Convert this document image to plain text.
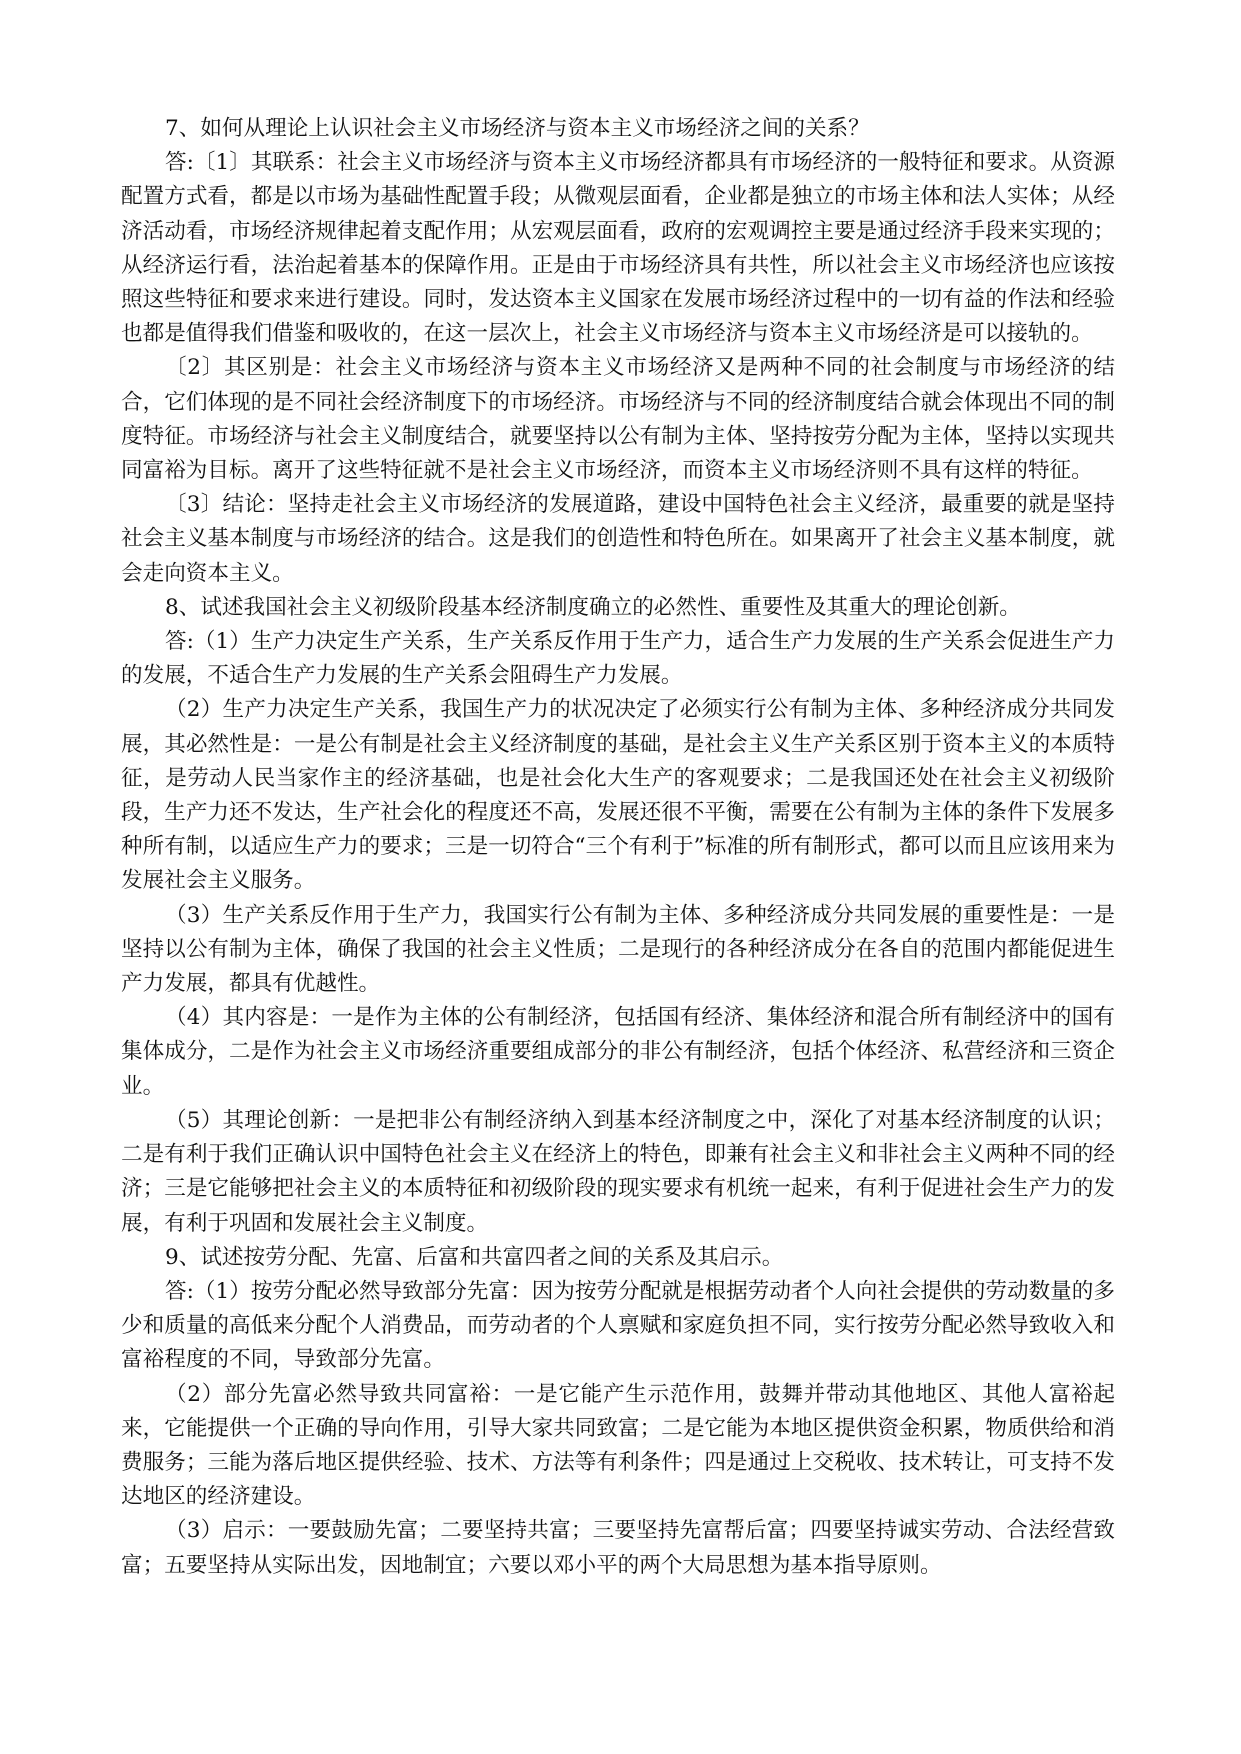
7、如何从理论上认识社会主义市场经济与资本主义市场经济之间的关系？

答:〔1〕其联系：社会主义市场经济与资本主义市场经济都具有市场经济的一般特征和要求。从资源配置方式看，都是以市场为基础性配置手段；从微观层面看，企业都是独立的市场主体和法人实体；从经济活动看，市场经济规律起着支配作用；从宏观层面看，政府的宏观调控主要是通过经济手段来实现的；从经济运行看，法治起着基本的保障作用。正是由于市场经济具有共性，所以社会主义市场经济也应该按照这些特征和要求来进行建设。同时，发达资本主义国家在发展市场经济过程中的一切有益的作法和经验也都是值得我们借鉴和吸收的，在这一层次上，社会主义市场经济与资本主义市场经济是可以接轨的。

〔2〕其区别是：社会主义市场经济与资本主义市场经济又是两种不同的社会制度与市场经济的结合，它们体现的是不同社会经济制度下的市场经济。市场经济与不同的经济制度结合就会体现出不同的制度特征。市场经济与社会主义制度结合，就要坚持以公有制为主体、坚持按劳分配为主体，坚持以实现共同富裕为目标。离开了这些特征就不是社会主义市场经济，而资本主义市场经济则不具有这样的特征。

〔3〕结论：坚持走社会主义市场经济的发展道路，建设中国特色社会主义经济，最重要的就是坚持社会主义基本制度与市场经济的结合。这是我们的创造性和特色所在。如果离开了社会主义基本制度，就会走向资本主义。

8、试述我国社会主义初级阶段基本经济制度确立的必然性、重要性及其重大的理论创新。

答:（1）生产力决定生产关系，生产关系反作用于生产力，适合生产力发展的生产关系会促进生产力的发展，不适合生产力发展的生产关系会阻碍生产力发展。

（2）生产力决定生产关系，我国生产力的状况决定了必须实行公有制为主体、多种经济成分共同发展，其必然性是：一是公有制是社会主义经济制度的基础，是社会主义生产关系区别于资本主义的本质特征，是劳动人民当家作主的经济基础，也是社会化大生产的客观要求；二是我国还处在社会主义初级阶段，生产力还不发达，生产社会化的程度还不高，发展还很不平衡，需要在公有制为主体的条件下发展多种所有制，以适应生产力的要求；三是一切符合“三个有利于”标准的所有制形式，都可以而且应该用来为发展社会主义服务。

（3）生产关系反作用于生产力，我国实行公有制为主体、多种经济成分共同发展的重要性是：一是坚持以公有制为主体，确保了我国的社会主义性质；二是现行的各种经济成分在各自的范围内都能促进生产力发展，都具有优越性。

（4）其内容是：一是作为主体的公有制经济，包括国有经济、集体经济和混合所有制经济中的国有集体成分，二是作为社会主义市场经济重要组成部分的非公有制经济，包括个体经济、私营经济和三资企业。

（5）其理论创新：一是把非公有制经济纳入到基本经济制度之中，深化了对基本经济制度的认识；二是有利于我们正确认识中国特色社会主义在经济上的特色，即兼有社会主义和非社会主义两种不同的经济；三是它能够把社会主义的本质特征和初级阶段的现实要求有机统一起来，有利于促进社会生产力的发展，有利于巩固和发展社会主义制度。

9、试述按劳分配、先富、后富和共富四者之间的关系及其启示。

答:（1）按劳分配必然导致部分先富：因为按劳分配就是根据劳动者个人向社会提供的劳动数量的多少和质量的高低来分配个人消费品，而劳动者的个人禀赋和家庭负担不同，实行按劳分配必然导致收入和富裕程度的不同，导致部分先富。

（2）部分先富必然导致共同富裕：一是它能产生示范作用，鼓舞并带动其他地区、其他人富裕起来，它能提供一个正确的导向作用，引导大家共同致富；二是它能为本地区提供资金积累，物质供给和消费服务；三能为落后地区提供经验、技术、方法等有利条件；四是通过上交税收、技术转让，可支持不发达地区的经济建设。

（3）启示：一要鼓励先富；二要坚持共富；三要坚持先富帮后富；四要坚持诚实劳动、合法经营致富；五要坚持从实际出发，因地制宜；六要以邓小平的两个大局思想为基本指导原则。
